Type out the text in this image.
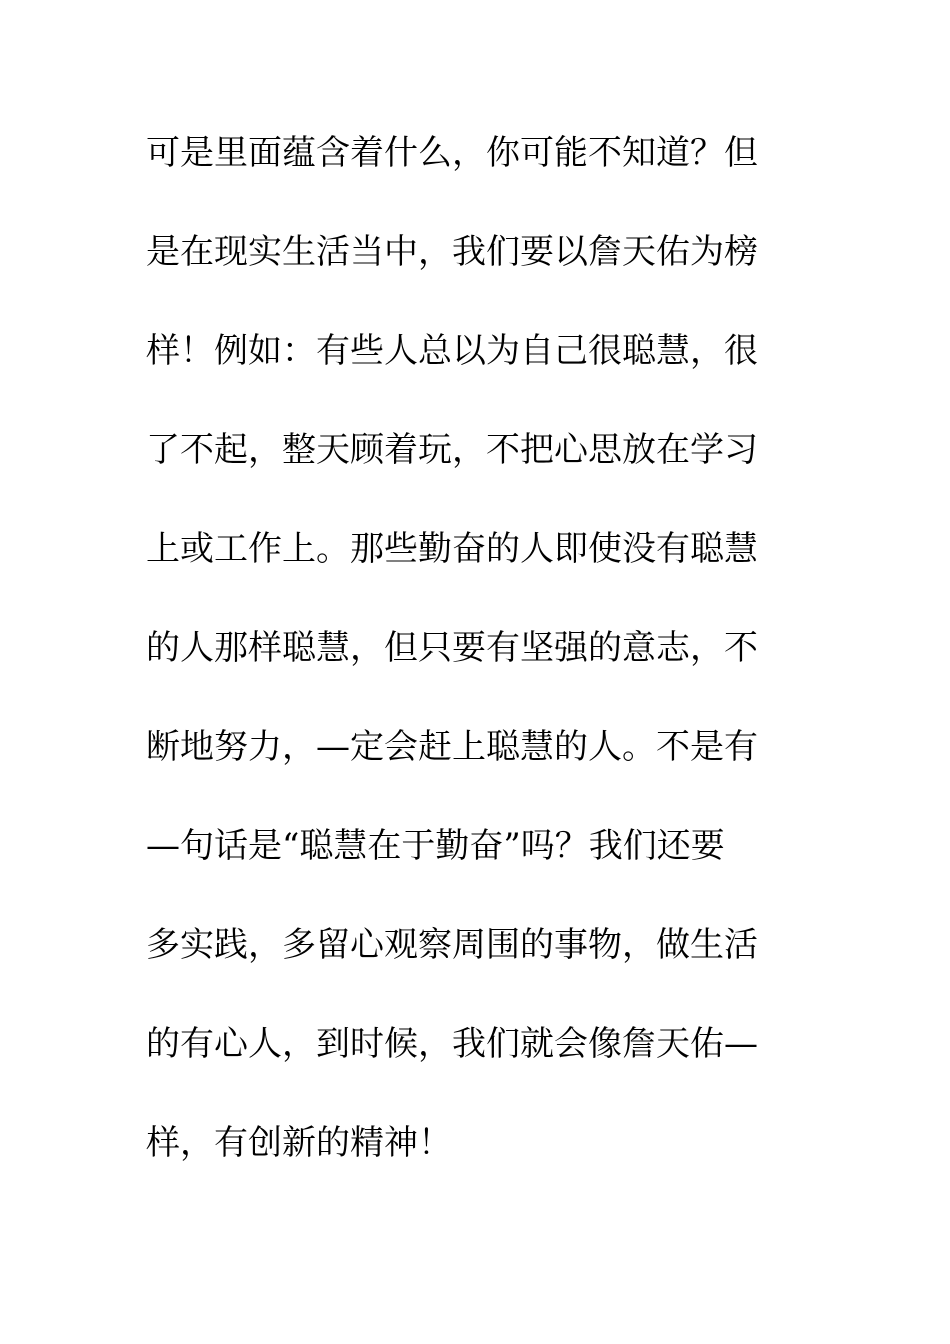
可是里面蕴含着什么，你可能不知道？但
是在现实生活当中，我们要以詹天佑为榜
样！例如：有些人总以为自己很聪慧，很
了不起，整天顾着玩，不把心思放在学习
上或工作上。那些勤奋的人即使没有聪慧
的人那样聪慧，但只要有坚强的意志，不
断地努力，—定会赶上聪慧的人。不是有
—句话是“聪慧在于勤奋”吗？我们还要
多实践，多留心观察周围的事物，做生活
的有心人，到时候，我们就会像詹天佑—
样，有创新的精神！
